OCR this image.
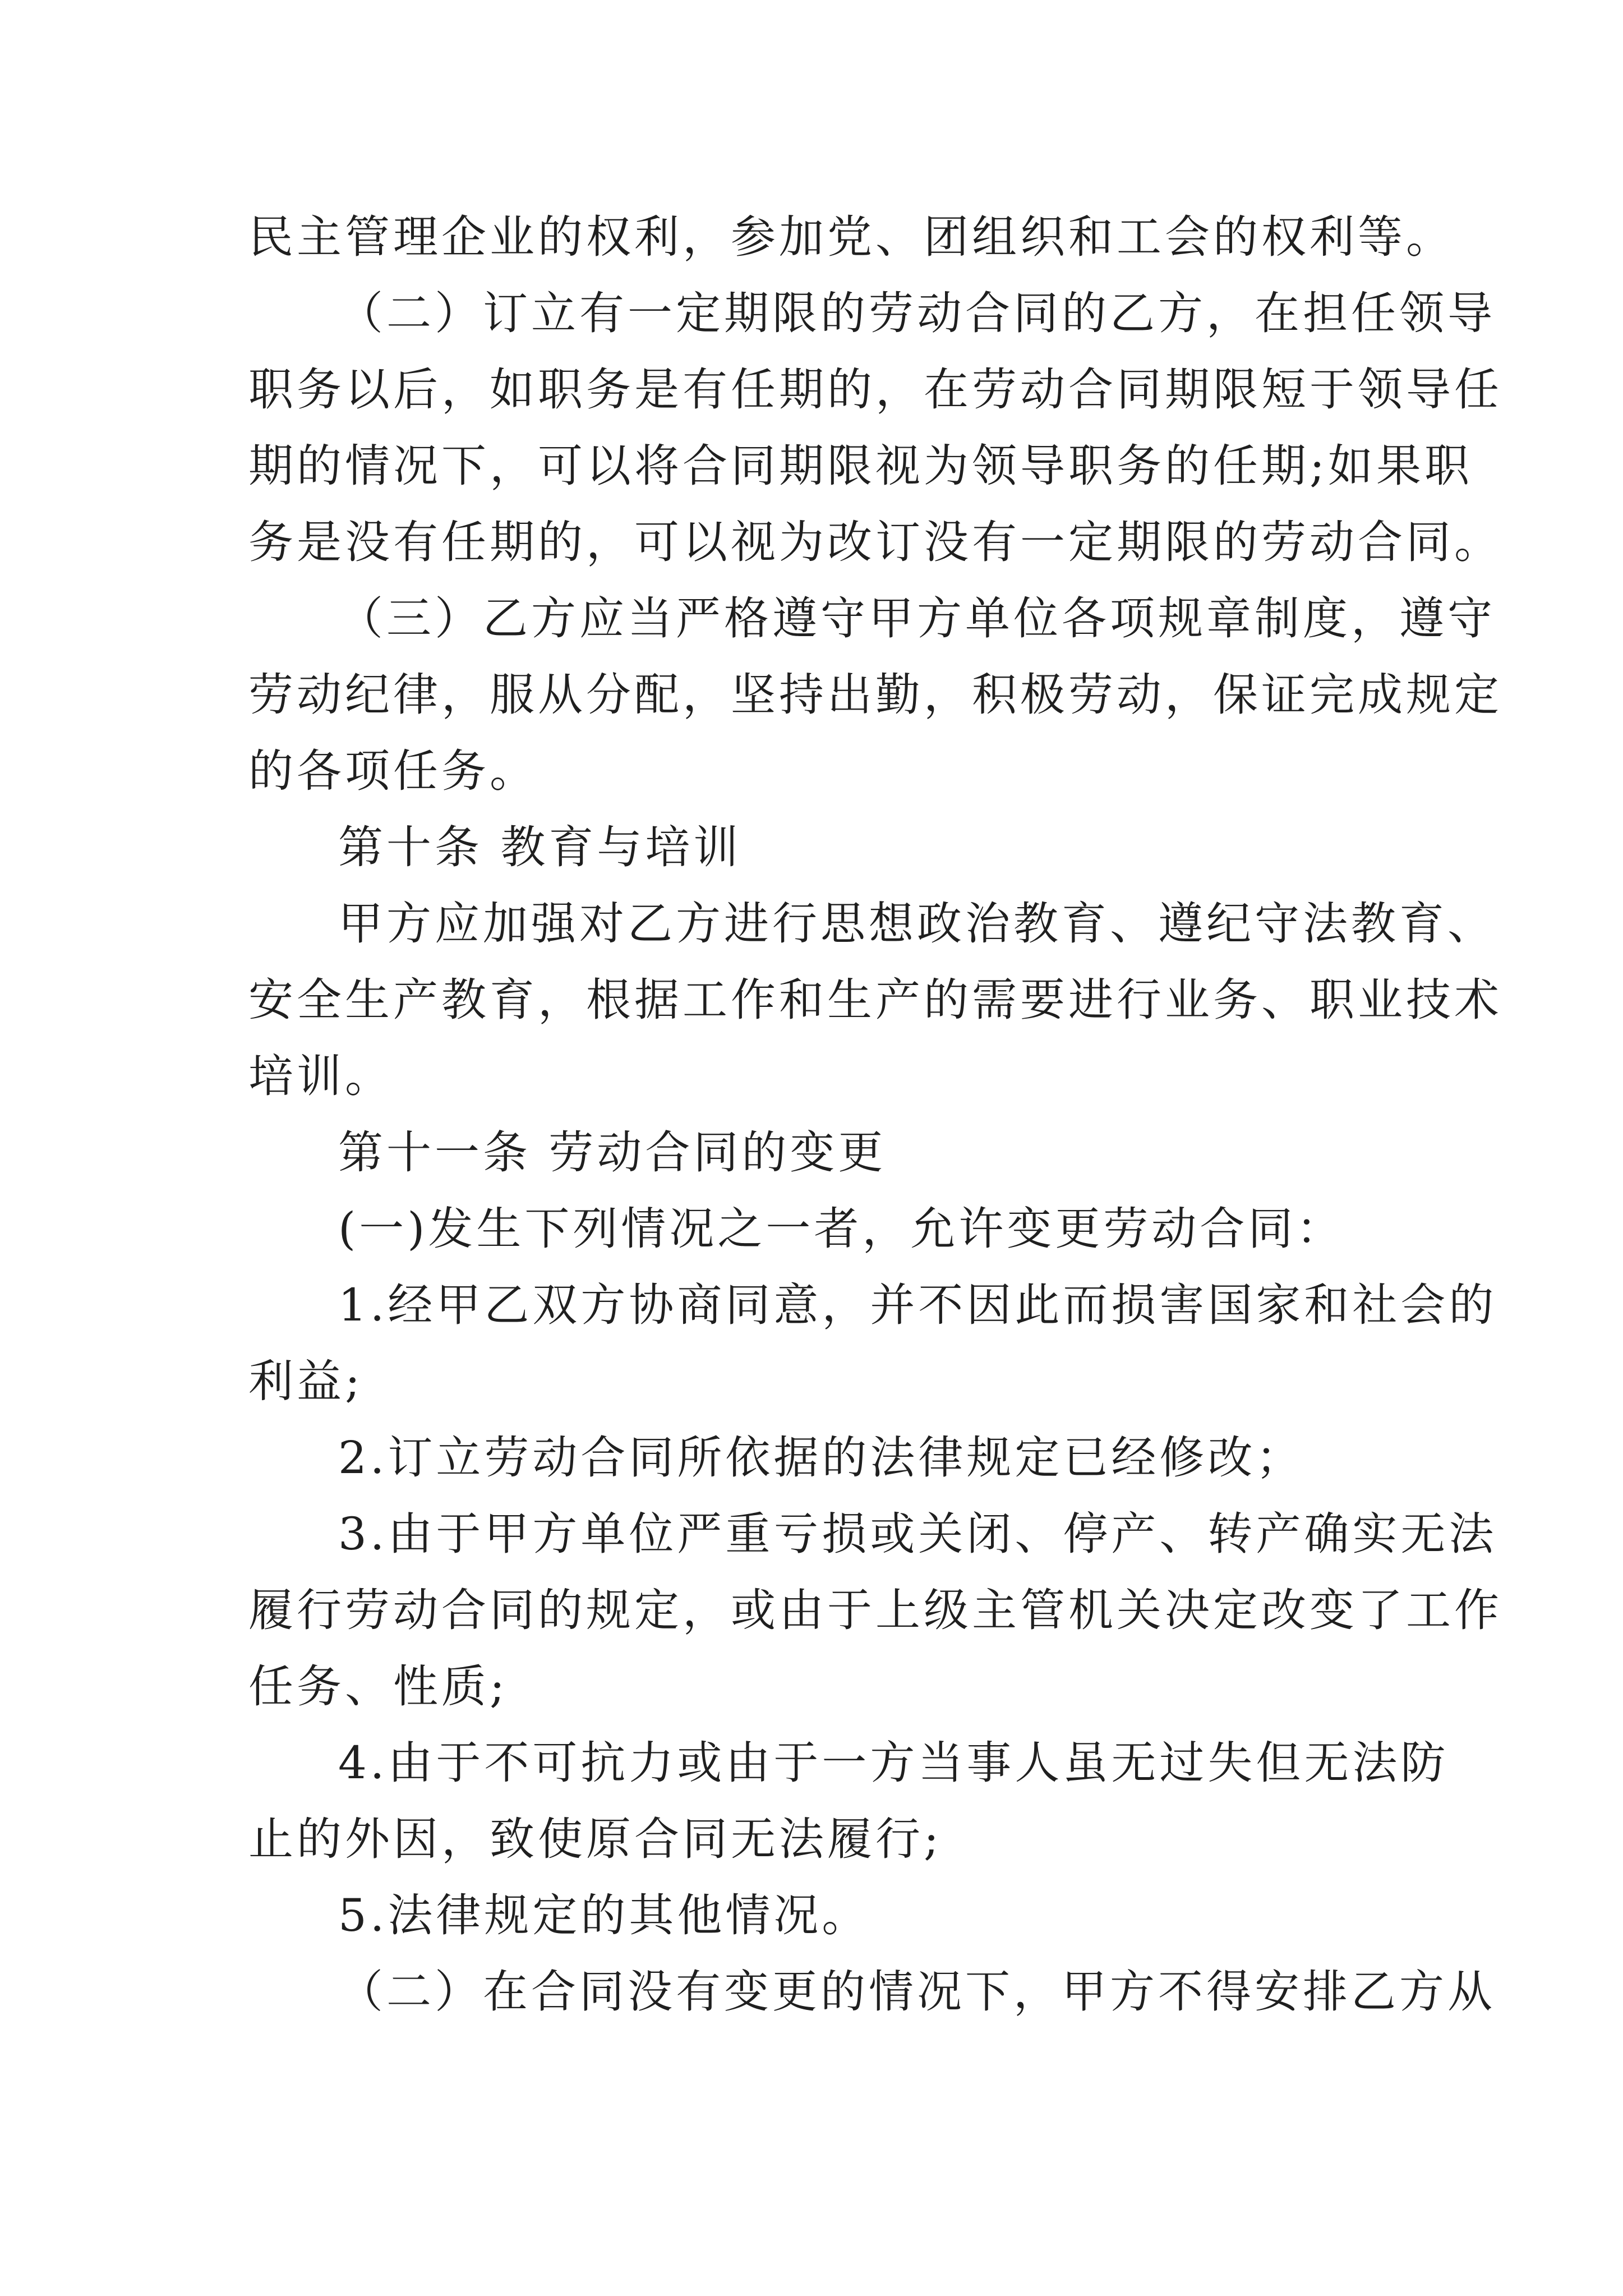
民主管理企业的权利，参加党、团组织和工会的权利等。
（二）订立有一定期限的劳动合同的乙方，在担任领导
职务以后，如职务是有任期的，在劳动合同期限短于领导任
期的情况下，可以将合同期限视为领导职务的任期;如果职
务是没有任期的，可以视为改订没有一定期限的劳动合同。
（三）乙方应当严格遵守甲方单位各项规章制度，遵守
劳动纪律，服从分配，坚持出勤，积极劳动，保证完成规定
的各项任务。
第十条 教育与培训
甲方应加强对乙方进行思想政治教育、遵纪守法教育、
安全生产教育，根据工作和生产的需要进行业务、职业技术
培训。
第十一条 劳动合同的变更
(一)发生下列情况之一者，允许变更劳动合同：
1.经甲乙双方协商同意，并不因此而损害国家和社会的
利益;
2.订立劳动合同所依据的法律规定已经修改；
3.由于甲方单位严重亏损或关闭、停产、转产确实无法
履行劳动合同的规定，或由于上级主管机关决定改变了工作
任务、性质;
4.由于不可抗力或由于一方当事人虽无过失但无法防
止的外因，致使原合同无法履行;
5.法律规定的其他情况。
（二）在合同没有变更的情况下，甲方不得安排乙方从
